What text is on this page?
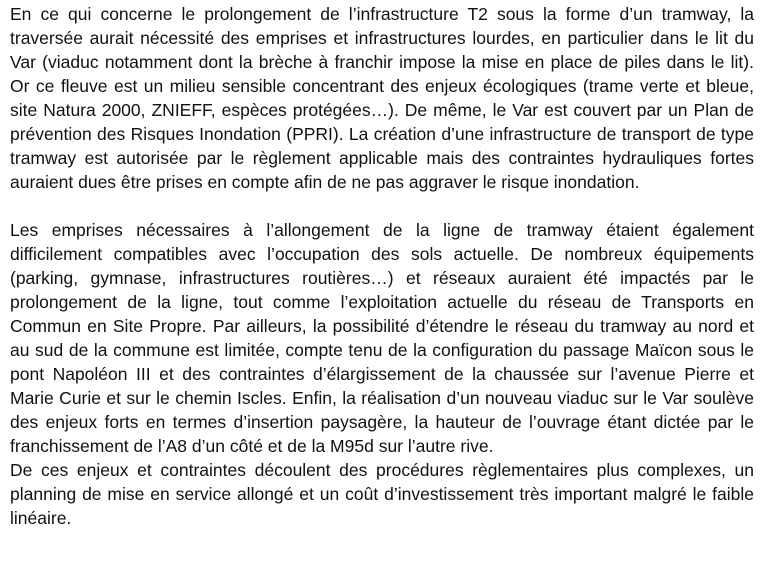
En ce qui concerne le prolongement de l’infrastructure T2 sous la forme d’un tramway, la traversée aurait nécessité des emprises et infrastructures lourdes, en particulier dans le lit du Var (viaduc notamment dont la brèche à franchir impose la mise en place de piles dans le lit). Or ce fleuve est un milieu sensible concentrant des enjeux écologiques (trame verte et bleue, site Natura 2000, ZNIEFF, espèces protégées…). De même, le Var est couvert par un Plan de prévention des Risques Inondation (PPRI). La création d’une infrastructure de transport de type tramway est autorisée par le règlement applicable mais des contraintes hydrauliques fortes auraient dues être prises en compte afin de ne pas aggraver le risque inondation.

Les emprises nécessaires à l’allongement de la ligne de tramway étaient également difficilement compatibles avec l’occupation des sols actuelle. De nombreux équipements (parking, gymnase, infrastructures routières…) et réseaux auraient été impactés par le prolongement de la ligne, tout comme l’exploitation actuelle du réseau de Transports en Commun en Site Propre. Par ailleurs, la possibilité d’étendre le réseau du tramway au nord et au sud de la commune est limitée, compte tenu de la configuration du passage Maïcon sous le pont Napoléon III et des contraintes d’élargissement de la chaussée sur l’avenue Pierre et Marie Curie et sur le chemin Iscles. Enfin, la réalisation d’un nouveau viaduc sur le Var soulève des enjeux forts en termes d’insertion paysagère, la hauteur de l’ouvrage étant dictée par le franchissement de l’A8 d’un côté et de la M95d sur l’autre rive.

De ces enjeux et contraintes découlent des procédures règlementaires plus complexes, un planning de mise en service allongé et un coût d’investissement très important malgré le faible linéaire.
